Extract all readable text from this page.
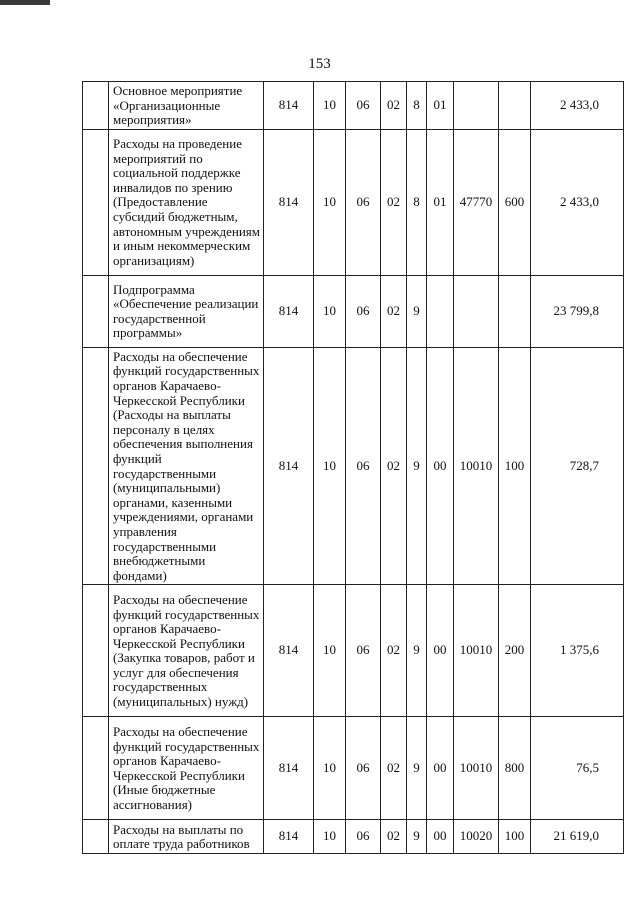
153
	Основное мероприятие «Организационные мероприятия»	814	10	06	02	8	01			2 433,0
	Расходы на проведение мероприятий по социальной поддержке инвалидов по зрению (Предоставление субсидий бюджетным, автономным учреждениям и иным некоммерческим организациям)	814	10	06	02	8	01	47770	600	2 433,0
	Подпрограмма «Обеспечение реализации государственной программы»	814	10	06	02	9				23 799,8
	Расходы на обеспечение функций государственных органов Карачаево-Черкесской Республики (Расходы на выплаты персоналу в целях обеспечения выполнения функций государственными (муниципальными) органами, казенными учреждениями, органами управления государственными внебюджетными фондами)	814	10	06	02	9	00	10010	100	728,7
	Расходы на обеспечение функций государственных органов Карачаево-Черкесской Республики (Закупка товаров, работ и услуг для обеспечения государственных (муниципальных) нужд)	814	10	06	02	9	00	10010	200	1 375,6
	Расходы на обеспечение функций государственных органов Карачаево-Черкесской Республики (Иные бюджетные ассигнования)	814	10	06	02	9	00	10010	800	76,5
	Расходы на выплаты по оплате труда работников	814	10	06	02	9	00	10020	100	21 619,0
